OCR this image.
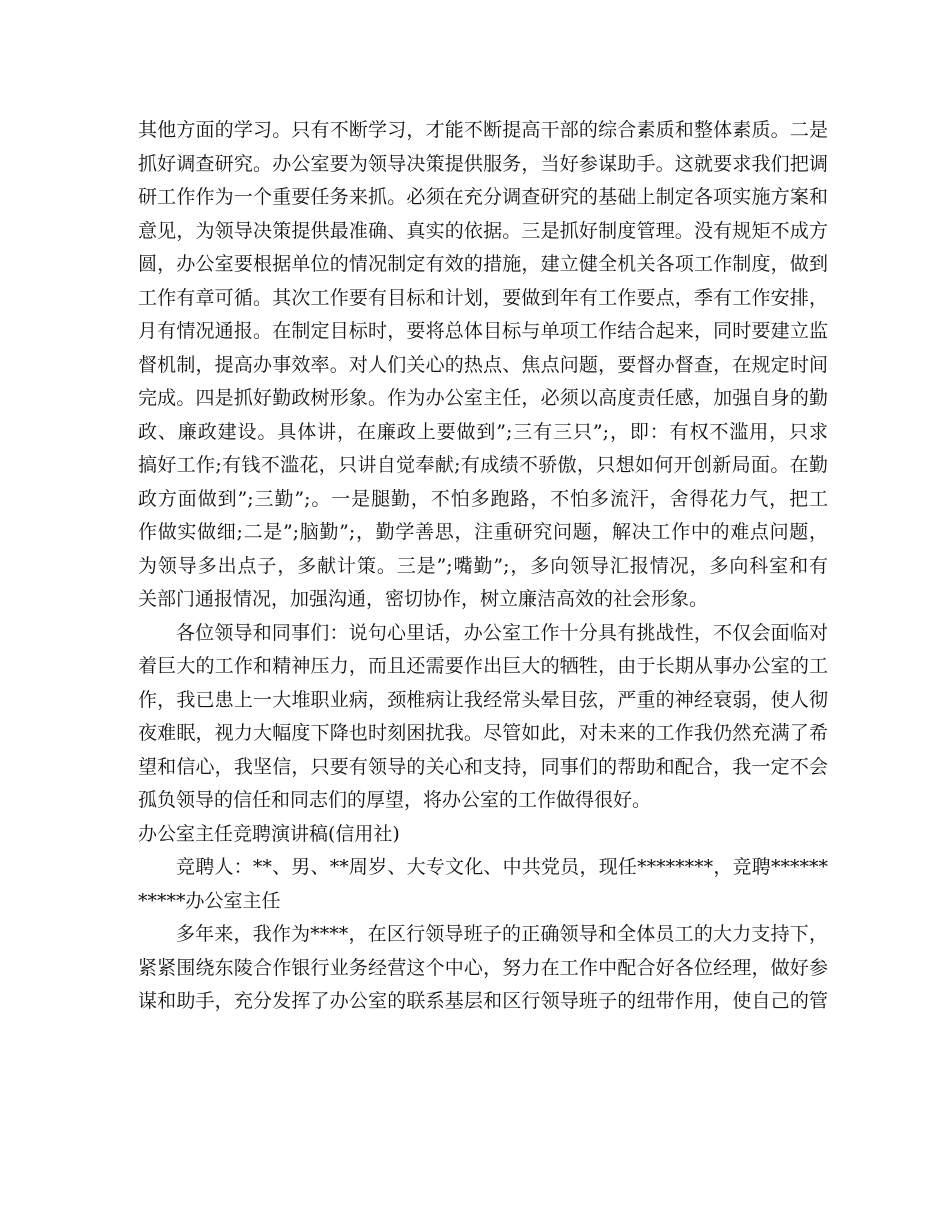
其他方面的学习。只有不断学习，才能不断提高干部的综合素质和整体素质。二是
抓好调查研究。办公室要为领导决策提供服务，当好参谋助手。这就要求我们把调
研工作作为一个重要任务来抓。必须在充分调查研究的基础上制定各项实施方案和
意见，为领导决策提供最准确、真实的依据。三是抓好制度管理。没有规矩不成方
圆，办公室要根据单位的情况制定有效的措施，建立健全机关各项工作制度，做到
工作有章可循。其次工作要有目标和计划，要做到年有工作要点，季有工作安排，
月有情况通报。在制定目标时，要将总体目标与单项工作结合起来，同时要建立监
督机制，提高办事效率。对人们关心的热点、焦点问题，要督办督查，在规定时间
完成。四是抓好勤政树形象。作为办公室主任，必须以高度责任感，加强自身的勤
政、廉政建设。具体讲，在廉政上要做到”;三有三只”;，即：有权不滥用，只求
搞好工作;有钱不滥花，只讲自觉奉献;有成绩不骄傲，只想如何开创新局面。在勤
政方面做到”;三勤”;。一是腿勤，不怕多跑路，不怕多流汗，舍得花力气，把工
作做实做细;二是”;脑勤”;，勤学善思，注重研究问题，解决工作中的难点问题，
为领导多出点子，多献计策。三是”;嘴勤”;，多向领导汇报情况，多向科室和有
关部门通报情况，加强沟通，密切协作，树立廉洁高效的社会形象。
各位领导和同事们：说句心里话，办公室工作十分具有挑战性，不仅会面临对
着巨大的工作和精神压力，而且还需要作出巨大的牺牲，由于长期从事办公室的工
作，我已患上一大堆职业病，颈椎病让我经常头晕目弦，严重的神经衰弱，使人彻
夜难眠，视力大幅度下降也时刻困扰我。尽管如此，对未来的工作我仍然充满了希
望和信心，我坚信，只要有领导的关心和支持，同事们的帮助和配合，我一定不会
孤负领导的信任和同志们的厚望，将办公室的工作做得很好。
办公室主任竞聘演讲稿(信用社)
竞聘人：**、男、**周岁、大专文化、中共党员，现任********，竞聘******
*****办公室主任
多年来，我作为****，在区行领导班子的正确领导和全体员工的大力支持下，
紧紧围绕东陵合作银行业务经营这个中心，努力在工作中配合好各位经理，做好参
谋和助手，充分发挥了办公室的联系基层和区行领导班子的纽带作用，使自己的管
